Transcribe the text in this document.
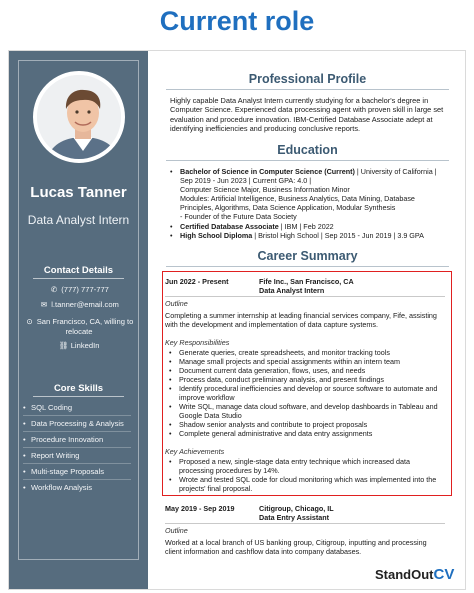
Current role
Lucas Tanner
Data Analyst Intern
Contact Details
✆ (777) 777-777
✉ l.tanner@email.com
⊙ San Francisco, CA, willing to relocate
⛓ LinkedIn
Core Skills
• SQL Coding
• Data Processing & Analysis
• Procedure Innovation
• Report Writing
• Multi-stage Proposals
• Workflow Analysis
Professional Profile
Highly capable Data Analyst Intern currently studying for a bachelor's degree in Computer Science. Experienced data processing agent with proven skill in large set evaluation and procedure innovation. IBM-Certified Database Associate adept at identifying inefficiencies and producing conclusive reports.
Education
• Bachelor of Science in Computer Science (Current) | University of California | Sep 2019 - Jun 2023 | Current GPA: 4.0 |
Computer Science Major, Business Information Minor
Modules: Artificial Intelligence, Business Analytics, Data Mining, Database Principles, Algorithms, Data Science Application, Modular Synthesis
- Founder of the Future Data Society
• Certified Database Associate | IBM | Feb 2022
• High School Diploma | Bristol High School | Sep 2015 - Jun 2019 | 3.9 GPA
Career Summary
Jun 2022 - Present	Fife Inc., San Francisco, CA
Data Analyst Intern
Outline
Completing a summer internship at leading financial services company, Fife, assisting with the development and implementation of data capture systems.
Key Responsibilities
• Generate queries, create spreadsheets, and monitor tracking tools
• Manage small projects and special assignments within an intern team
• Document current data generation, flows, uses, and needs
• Process data, conduct preliminary analysis, and present findings
• Identify procedural inefficiencies and develop or source software to automate and improve workflow
• Write SQL, manage data cloud software, and develop dashboards in Tableau and Google Data Studio
• Shadow senior analysts and contribute to project proposals
• Complete general administrative and data entry assignments
Key Achievements
• Proposed a new, single-stage data entry technique which increased data processing procedures by 14%.
• Wrote and tested SQL code for cloud monitoring which was implemented into the projects' final proposal.
May 2019 - Sep 2019	Citigroup, Chicago, IL
Data Entry Assistant
Outline
Worked at a local branch of US banking group, Citigroup, inputting and processing client information and cashflow data into company databases.
StandOutCV
